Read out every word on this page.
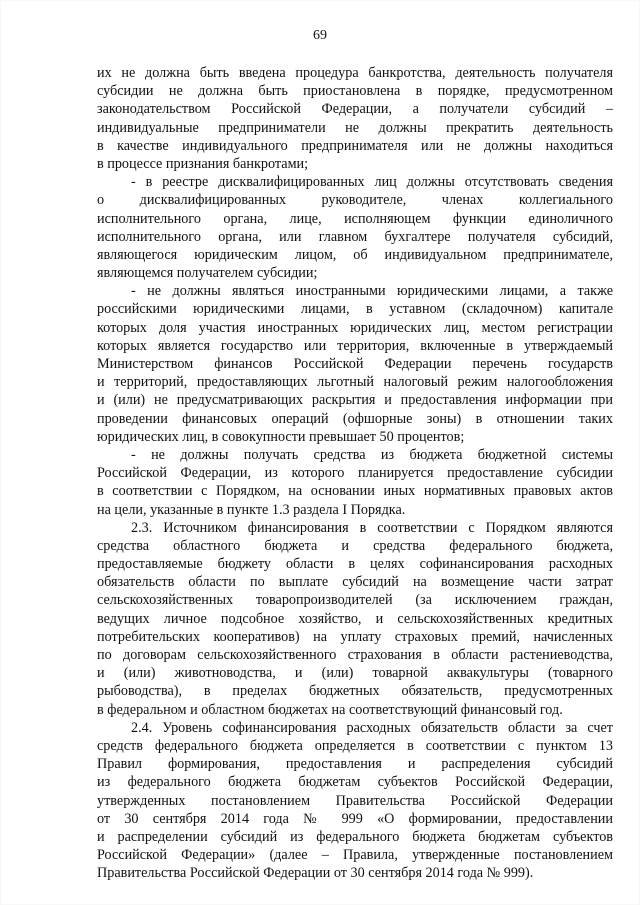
69
их не должна быть введена процедура банкротства, деятельность получателя
субсидии не должна быть приостановлена в порядке, предусмотренном
законодательством Российской Федерации, а получатели субсидий –
индивидуальные предприниматели не должны прекратить деятельность
в качестве индивидуального предпринимателя или не должны находиться
в процессе признания банкротами;
- в реестре дисквалифицированных лиц должны отсутствовать сведения
о дисквалифицированных руководителе, членах коллегиального
исполнительного органа, лице, исполняющем функции единоличного
исполнительного органа, или главном бухгалтере получателя субсидий,
являющегося юридическим лицом, об индивидуальном предпринимателе,
являющемся получателем субсидии;
- не должны являться иностранными юридическими лицами, а также
российскими юридическими лицами, в уставном (складочном) капитале
которых доля участия иностранных юридических лиц, местом регистрации
которых является государство или территория, включенные в утверждаемый
Министерством финансов Российской Федерации перечень государств
и территорий, предоставляющих льготный налоговый режим налогообложения
и (или) не предусматривающих раскрытия и предоставления информации при
проведении финансовых операций (офшорные зоны) в отношении таких
юридических лиц, в совокупности превышает 50 процентов;
- не должны получать средства из бюджета бюджетной системы
Российской Федерации, из которого планируется предоставление субсидии
в соответствии с Порядком, на основании иных нормативных правовых актов
на цели, указанные в пункте 1.3 раздела I Порядка.
2.3. Источником финансирования в соответствии с Порядком являются
средства областного бюджета и средства федерального бюджета,
предоставляемые бюджету области в целях софинансирования расходных
обязательств области по выплате субсидий на возмещение части затрат
сельскохозяйственных товаропроизводителей (за исключением граждан,
ведущих личное подсобное хозяйство, и сельскохозяйственных кредитных
потребительских кооперативов) на уплату страховых премий, начисленных
по договорам сельскохозяйственного страхования в области растениеводства,
и (или) животноводства, и (или) товарной аквакультуры (товарного
рыбоводства), в пределах бюджетных обязательств, предусмотренных
в федеральном и областном бюджетах на соответствующий финансовый год.
2.4. Уровень софинансирования расходных обязательств области за счет
средств федерального бюджета определяется в соответствии с пунктом 13
Правил формирования, предоставления и распределения субсидий
из федерального бюджета бюджетам субъектов Российской Федерации,
утвержденных постановлением Правительства Российской Федерации
от 30 сентября 2014 года № 999 «О формировании, предоставлении
и распределении субсидий из федерального бюджета бюджетам субъектов
Российской Федерации» (далее – Правила, утвержденные постановлением
Правительства Российской Федерации от 30 сентября 2014 года № 999).
